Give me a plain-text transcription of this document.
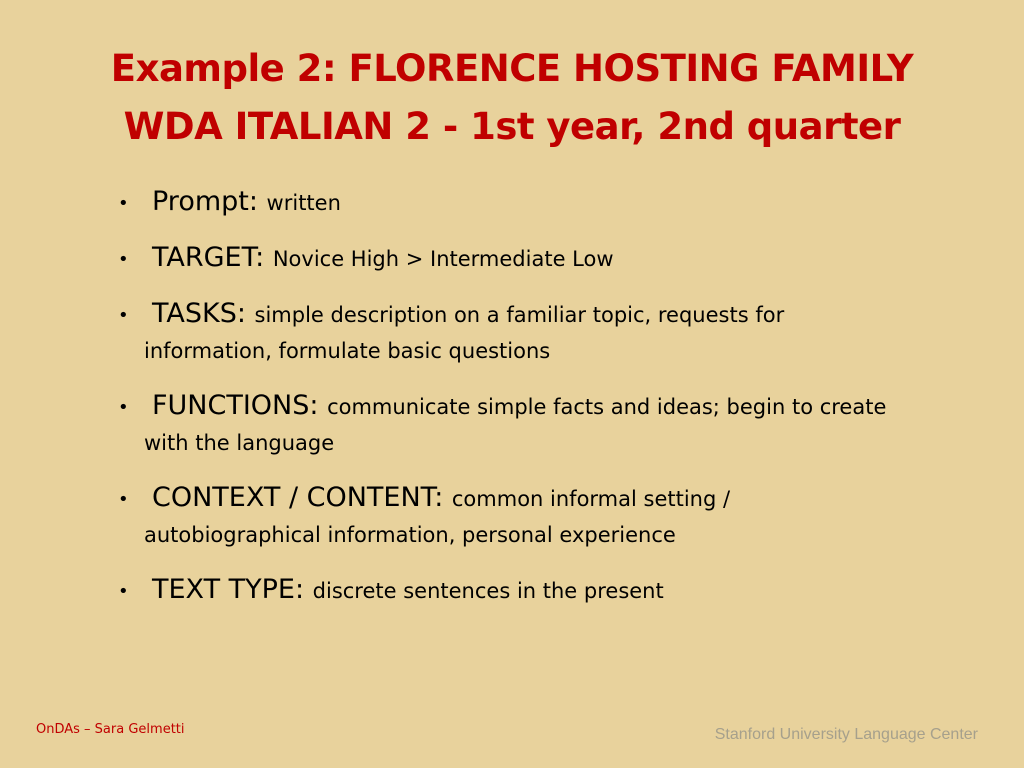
Example 2: FLORENCE HOSTING FAMILY
WDA ITALIAN 2 - 1st year, 2nd quarter
• Prompt: written
• TARGET: Novice High > Intermediate Low
• TASKS: simple description on a familiar topic, requests for information, formulate basic questions
• FUNCTIONS: communicate simple facts and ideas; begin to create with the language
• CONTEXT / CONTENT: common informal setting / autobiographical information, personal experience
• TEXT TYPE: discrete sentences in the present
OnDAs – Sara Gelmetti	Stanford University Language Center
